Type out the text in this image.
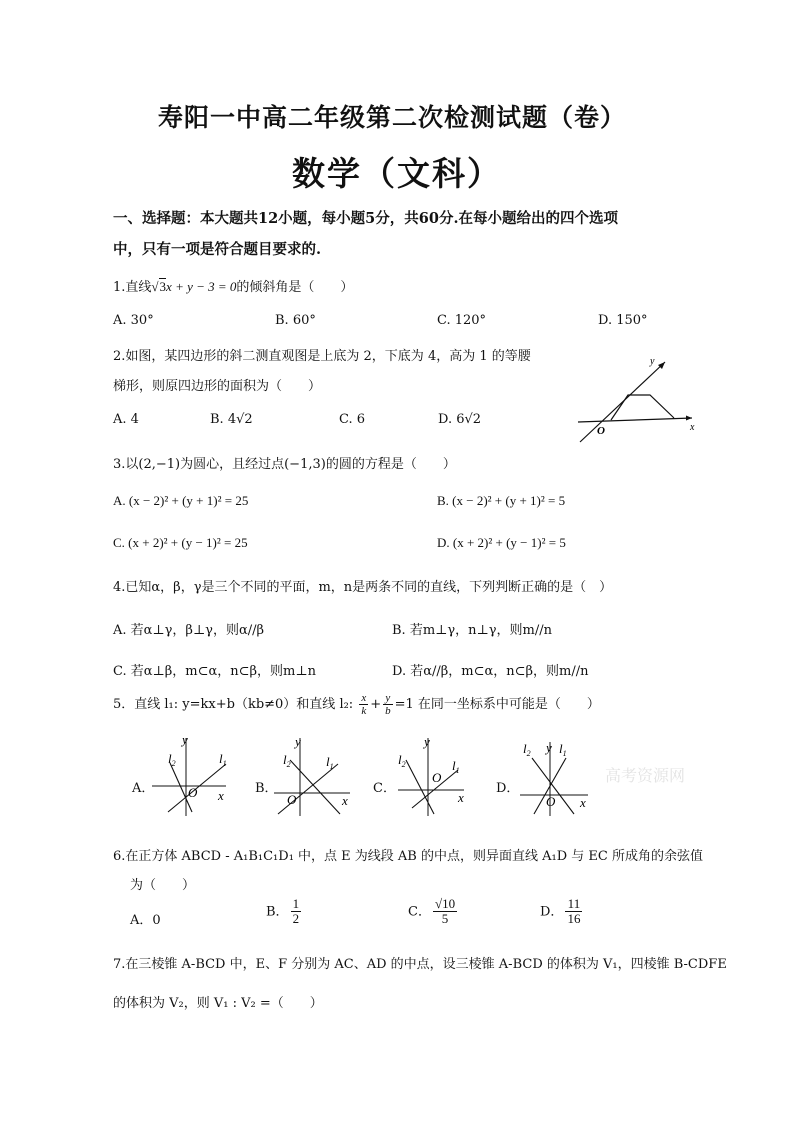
寿阳一中高二年级第二次检测试题（卷）
数学（文科）
一、选择题：本大题共12小题，每小题5分，共60分.在每小题给出的四个选项
中，只有一项是符合题目要求的.
1.直线√3x + y − 3 = 0的倾斜角是（　　）
A. 30°	B. 60°	C. 120°	D. 150°
2.如图，某四边形的斜二测直观图是上底为 2，下底为 4，高为 1 的等腰
梯形，则原四边形的面积为（　　）
A. 4	B. 4√2	C. 6	D. 6√2
y
x
O
3.以(2,−1)为圆心，且经过点(−1,3)的圆的方程是（　　）
A. (x − 2)² + (y + 1)² = 25	B. (x − 2)² + (y + 1)² = 5
C. (x + 2)² + (y − 1)² = 25	D. (x + 2)² + (y − 1)² = 5
4.已知α，β，γ是三个不同的平面，m，n是两条不同的直线，下列判断正确的是（　）
A. 若α⊥γ，β⊥γ，则α//β	B. 若m⊥γ，n⊥γ，则m//n
C. 若α⊥β，m⊂α，n⊂β，则m⊥n	D. 若α//β，m⊂α，n⊂β，则m//n
5．直线 l₁: y=kx+b（kb≠0）和直线 l₂: $\frac{x}{k} + \frac{y}{b} =1$ 在同一坐标系中可能是（　　）
A．	B．	C．	D．
y
x
O
$l_2$	$l_1$
y
x
O
$l_2$	$l_1$
y
x
O
$l_2$	$l_1$
y
x
O
$l_2$ $l_1$
高考资源网
6.在正方体 ABCD - A₁B₁C₁D₁ 中，点 E 为线段 AB 的中点，则异面直线 A₁D 与 EC 所成角的余弦值
为（　　）
A．0
B． $\frac{1}{2}$	C． $\frac{√10}{5}$	D． $\frac{11}{16}$
7.在三棱锥 A-BCD 中，E、F 分别为 AC、AD 的中点，设三棱锥 A-BCD 的体积为 V₁，四棱锥 B-CDFE
的体积为 V₂，则 V₁ : V₂ =（　　）
